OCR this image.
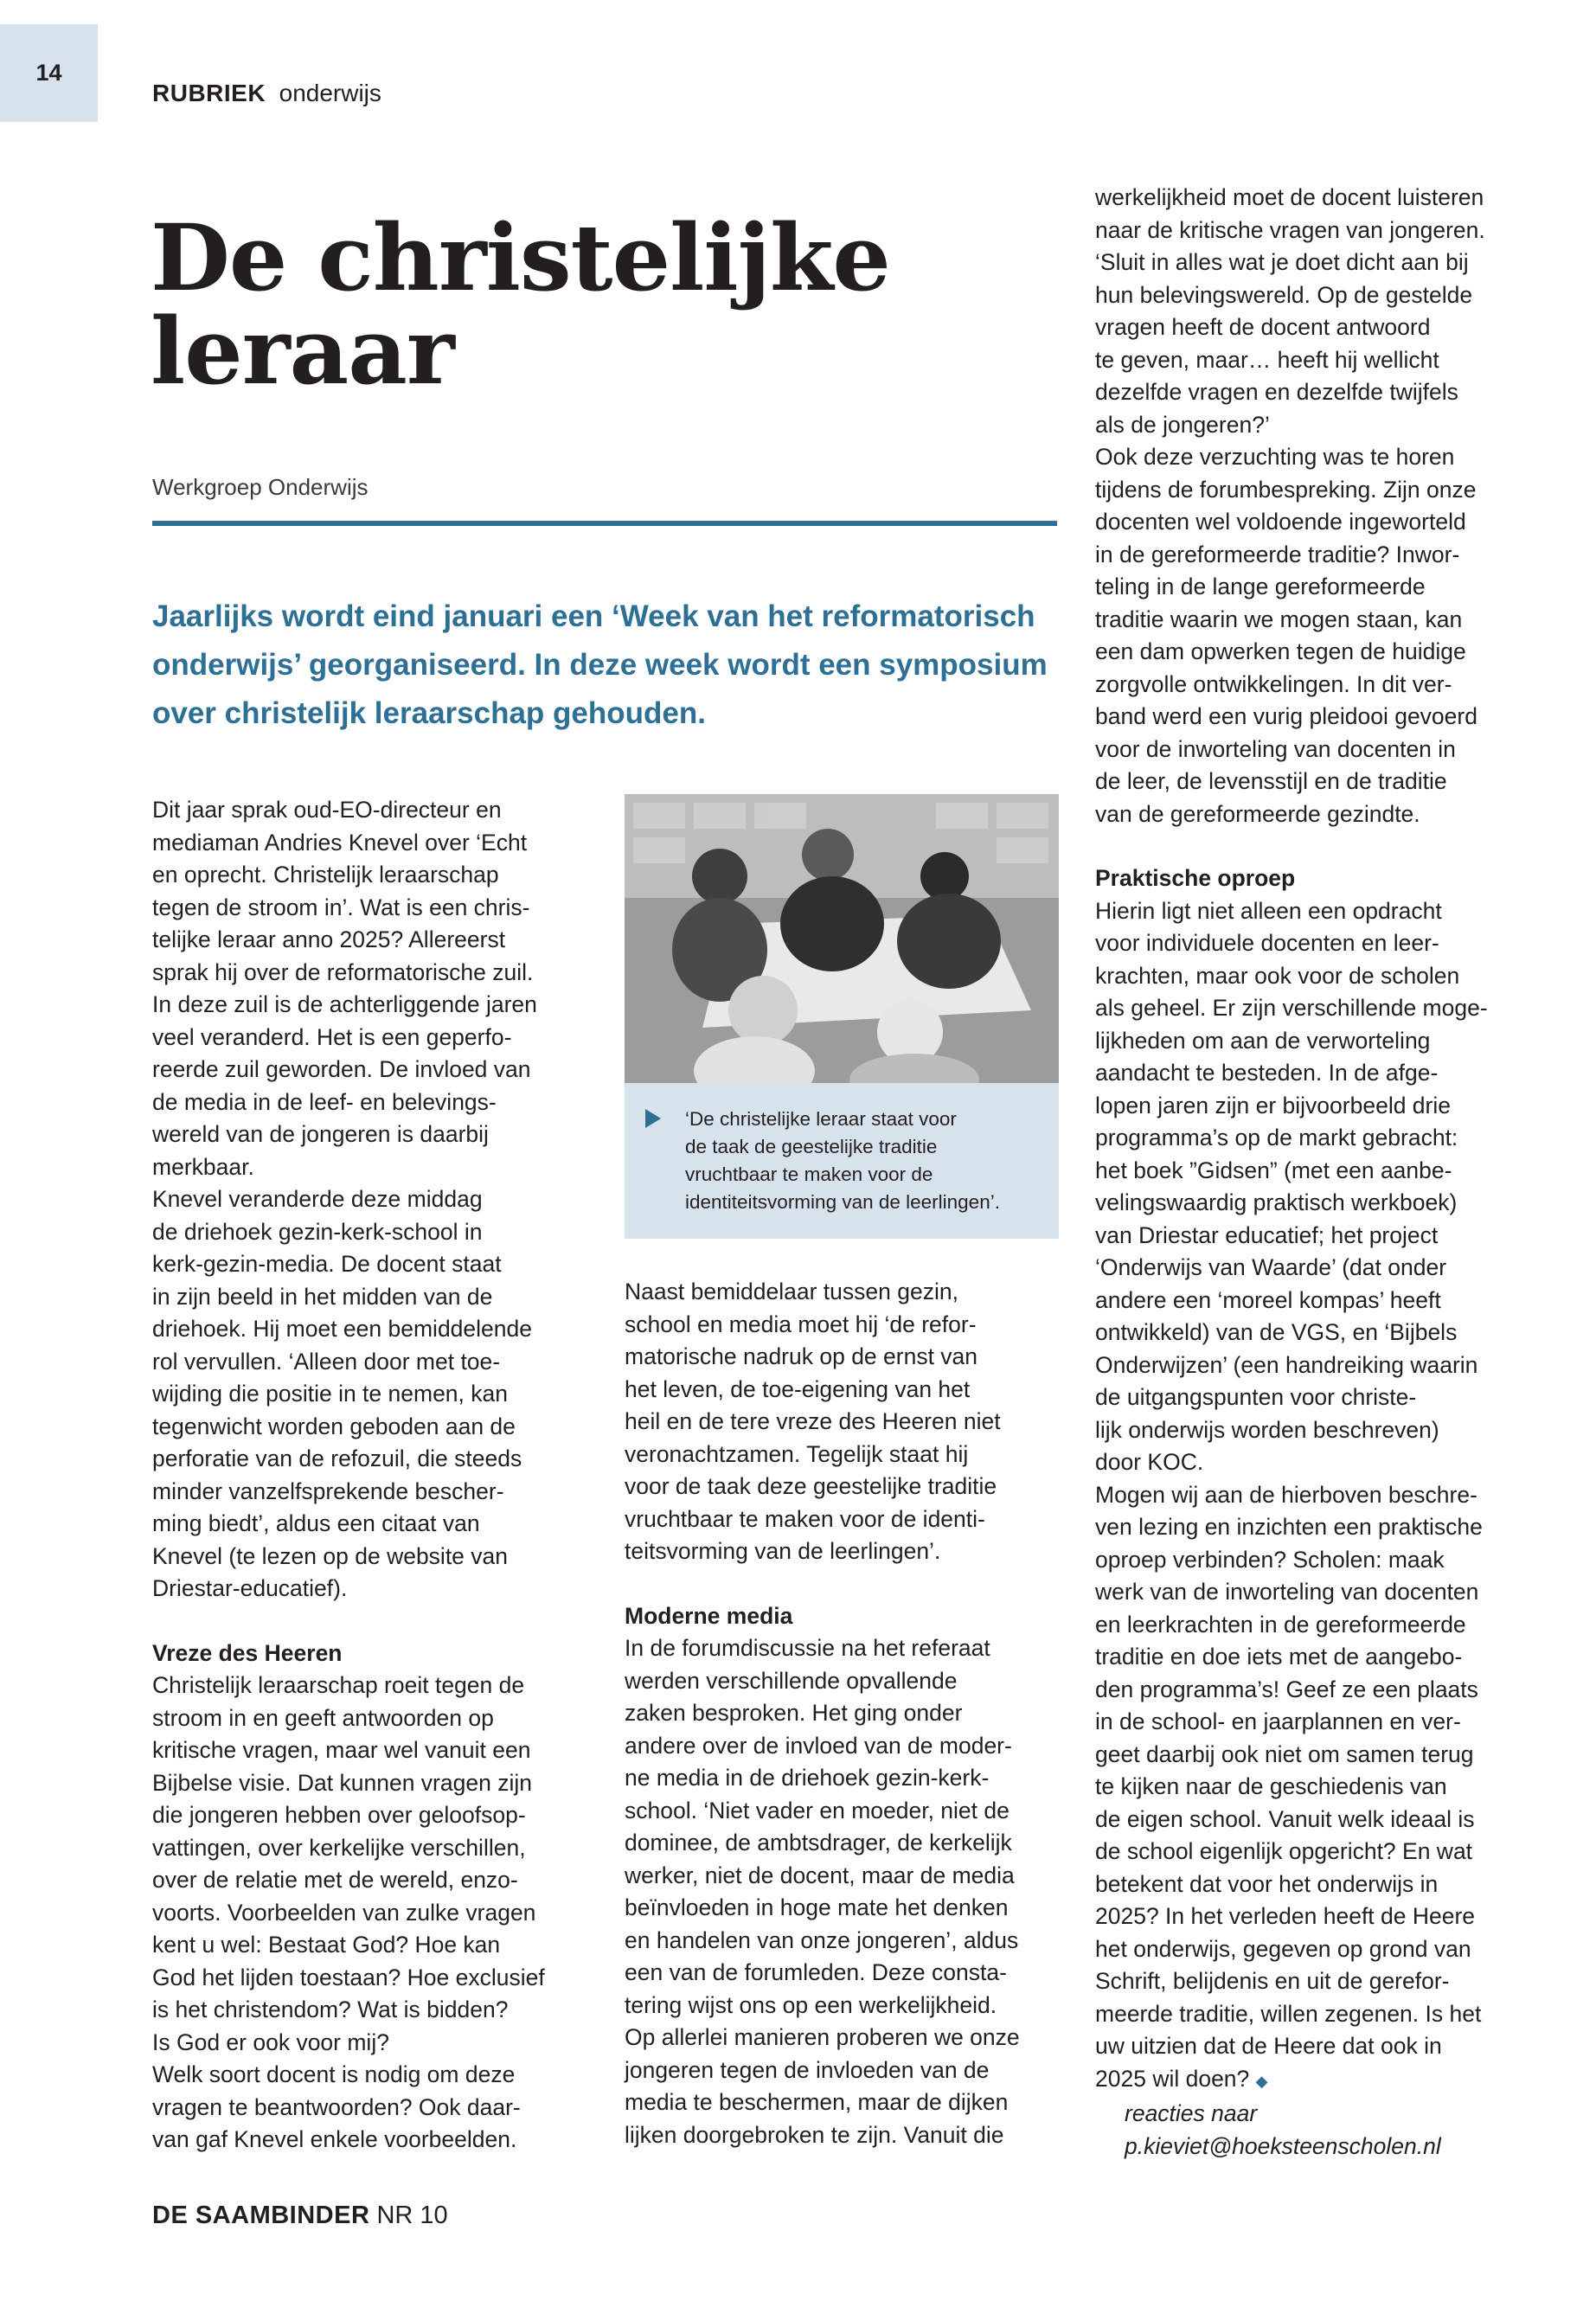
14
RUBRIEK onderwijs
De christelijke
leraar
Werkgroep Onderwijs

Jaarlijks wordt eind januari een ‘Week van het reformatorisch onderwijs’ georganiseerd. In deze week wordt een symposium over christelijk leraarschap gehouden.

Dit jaar sprak oud-EO-directeur en
mediaman Andries Knevel over ‘Echt
en oprecht. Christelijk leraarschap
tegen de stroom in’. Wat is een chris-
telijke leraar anno 2025? Allereerst
sprak hij over de reformatorische zuil.
In deze zuil is de achterliggende jaren
veel veranderd. Het is een geperfo-
reerde zuil geworden. De invloed van
de media in de leef- en belevings-
wereld van de jongeren is daarbij
merkbaar.

Knevel veranderde deze middag
de driehoek gezin-kerk-school in
kerk-gezin-media. De docent staat
in zijn beeld in het midden van de
driehoek. Hij moet een bemiddelende
rol vervullen. ‘Alleen door met toe-
wijding die positie in te nemen, kan
tegenwicht worden geboden aan de
perforatie van de refozuil, die steeds
minder vanzelfsprekende bescher-
ming biedt’, aldus een citaat van
Knevel (te lezen op de website van
Driestar-educatief).

Vreze des Heeren

Christelijk leraarschap roeit tegen de
stroom in en geeft antwoorden op
kritische vragen, maar wel vanuit een
Bijbelse visie. Dat kunnen vragen zijn
die jongeren hebben over geloofsop-
vattingen, over kerkelijke verschillen,
over de relatie met de wereld, enzo-
voorts. Voorbeelden van zulke vragen
kent u wel: Bestaat God? Hoe kan
God het lijden toestaan? Hoe exclusief
is het christendom? Wat is bidden?
Is God er ook voor mij?

Welk soort docent is nodig om deze
vragen te beantwoorden? Ook daar-
van gaf Knevel enkele voorbeelden.

‘De christelijke leraar staat voor
de taak de geestelijke traditie
vruchtbaar te maken voor de
identiteitsvorming van de leerlingen’.

Naast bemiddelaar tussen gezin,
school en media moet hij ‘de refor-
matorische nadruk op de ernst van
het leven, de toe-eigening van het
heil en de tere vreze des Heeren niet
veronachtzamen. Tegelijk staat hij
voor de taak deze geestelijke traditie
vruchtbaar te maken voor de identi-
teitsvorming van de leerlingen’.

Moderne media

In de forumdiscussie na het referaat
werden verschillende opvallende
zaken besproken. Het ging onder
andere over de invloed van de moder-
ne media in de driehoek gezin-kerk-
school. ‘Niet vader en moeder, niet de
dominee, de ambtsdrager, de kerkelijk
werker, niet de docent, maar de media
beïnvloeden in hoge mate het denken
en handelen van onze jongeren’, aldus
een van de forumleden. Deze consta-
tering wijst ons op een werkelijkheid.
Op allerlei manieren proberen we onze
jongeren tegen de invloeden van de
media te beschermen, maar de dijken
lijken doorgebroken te zijn. Vanuit die

werkelijkheid moet de docent luisteren
naar de kritische vragen van jongeren.
‘Sluit in alles wat je doet dicht aan bij
hun belevingswereld. Op de gestelde
vragen heeft de docent antwoord
te geven, maar… heeft hij wellicht
dezelfde vragen en dezelfde twijfels
als de jongeren?’

Ook deze verzuchting was te horen
tijdens de forumbespreking. Zijn onze
docenten wel voldoende ingeworteld
in de gereformeerde traditie? Inwor-
teling in de lange gereformeerde
traditie waarin we mogen staan, kan
een dam opwerken tegen de huidige
zorgvolle ontwikkelingen. In dit ver-
band werd een vurig pleidooi gevoerd
voor de inworteling van docenten in
de leer, de levensstijl en de traditie
van de gereformeerde gezindte.

Praktische oproep

Hierin ligt niet alleen een opdracht
voor individuele docenten en leer-
krachten, maar ook voor de scholen
als geheel. Er zijn verschillende moge-
lijkheden om aan de verworteling
aandacht te besteden. In de afge-
lopen jaren zijn er bijvoorbeeld drie
programma’s op de markt gebracht:
het boek ”Gidsen” (met een aanbe-
velingswaardig praktisch werkboek)
van Driestar educatief; het project
‘Onderwijs van Waarde’ (dat onder
andere een ‘moreel kompas’ heeft
ontwikkeld) van de VGS, en ‘Bijbels
Onderwijzen’ (een handreiking waarin
de uitgangspunten voor christe-
lijk onderwijs worden beschreven)
door KOC.

Mogen wij aan de hierboven beschre-
ven lezing en inzichten een praktische
oproep verbinden? Scholen: maak
werk van de inworteling van docenten
en leerkrachten in de gereformeerde
traditie en doe iets met de aangebo-
den programma’s! Geef ze een plaats
in de school- en jaarplannen en ver-
geet daarbij ook niet om samen terug
te kijken naar de geschiedenis van
de eigen school. Vanuit welk ideaal is
de school eigenlijk opgericht? En wat
betekent dat voor het onderwijs in
2025? In het verleden heeft de Heere
het onderwijs, gegeven op grond van
Schrift, belijdenis en uit de gerefor-
meerde traditie, willen zegenen. Is het
uw uitzien dat de Heere dat ook in
2025 wil doen? ◆

reacties naar

p.kieviet@hoeksteenscholen.nl

DE SAAMBINDER NR 10
